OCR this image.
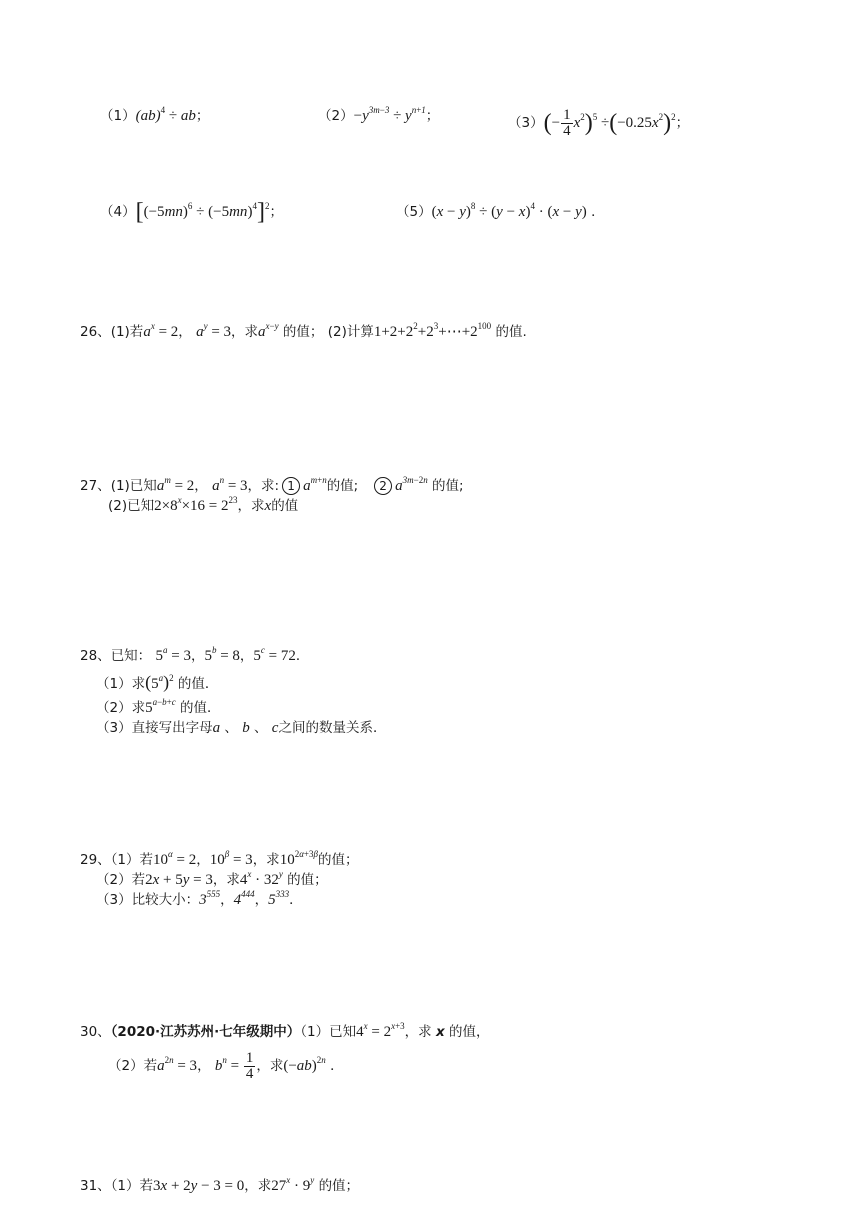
（1）(ab)$^4$ ÷ ab；	$(2)-y^{3m-3} \div y^{n+1}$；	$(3)(- \frac{1}{4} x^2)^5 \div(-0.25x^2)^2$；
$(4)[(-5mn)^6 \div (-5mn)^4]^2$；	$(5)(x - y)^8 \div (y - x)^4 \cdot (x - y)$ ．
26、(1)若$a^x = 2$， $a^y = 3$，求$a^{x-y}$ 的值； (2)计算$1+2+2^2+2^3+\cdots+2^{100}$ 的值.
27、(1)已知$a^m = 2$， $a^n = 3$，求: 1 $a^{m+n}$的值; 2 $a^{3m-2n}$ 的值;
(2)已知$2\times 8^x\times 16 = 2^{23}$，求x的值
28、已知： $5^a = 3$，$5^b = 8$，$5^c = 72$．
（1）求$(5^a)^2$ 的值．
（2）求$5^{a-b+c}$ 的值．
（3）直接写出字母a 、 b 、 c之间的数量关系．
29、（1）若$10^\alpha = 2$，$10^\beta = 3$，求$10^{2\alpha+3\beta}$的值；
（2）若2x + 5y = 3，求$4^x \cdot 32^y$ 的值；
（3）比较大小：$3^{555}$，$4^{444}$，$5^{333}$．
30、（2020·江苏苏州·七年级期中）（1）已知$4^x = 2^{x+3}$，求 x 的值，
（2）若$a^{2n} = 3$， $b^n = \frac{1}{4}$ ，求$(-ab)^{2n}$ ．
31、（1）若3x + 2y − 3 = 0，求$27^x \cdot 9^y$ 的值；
